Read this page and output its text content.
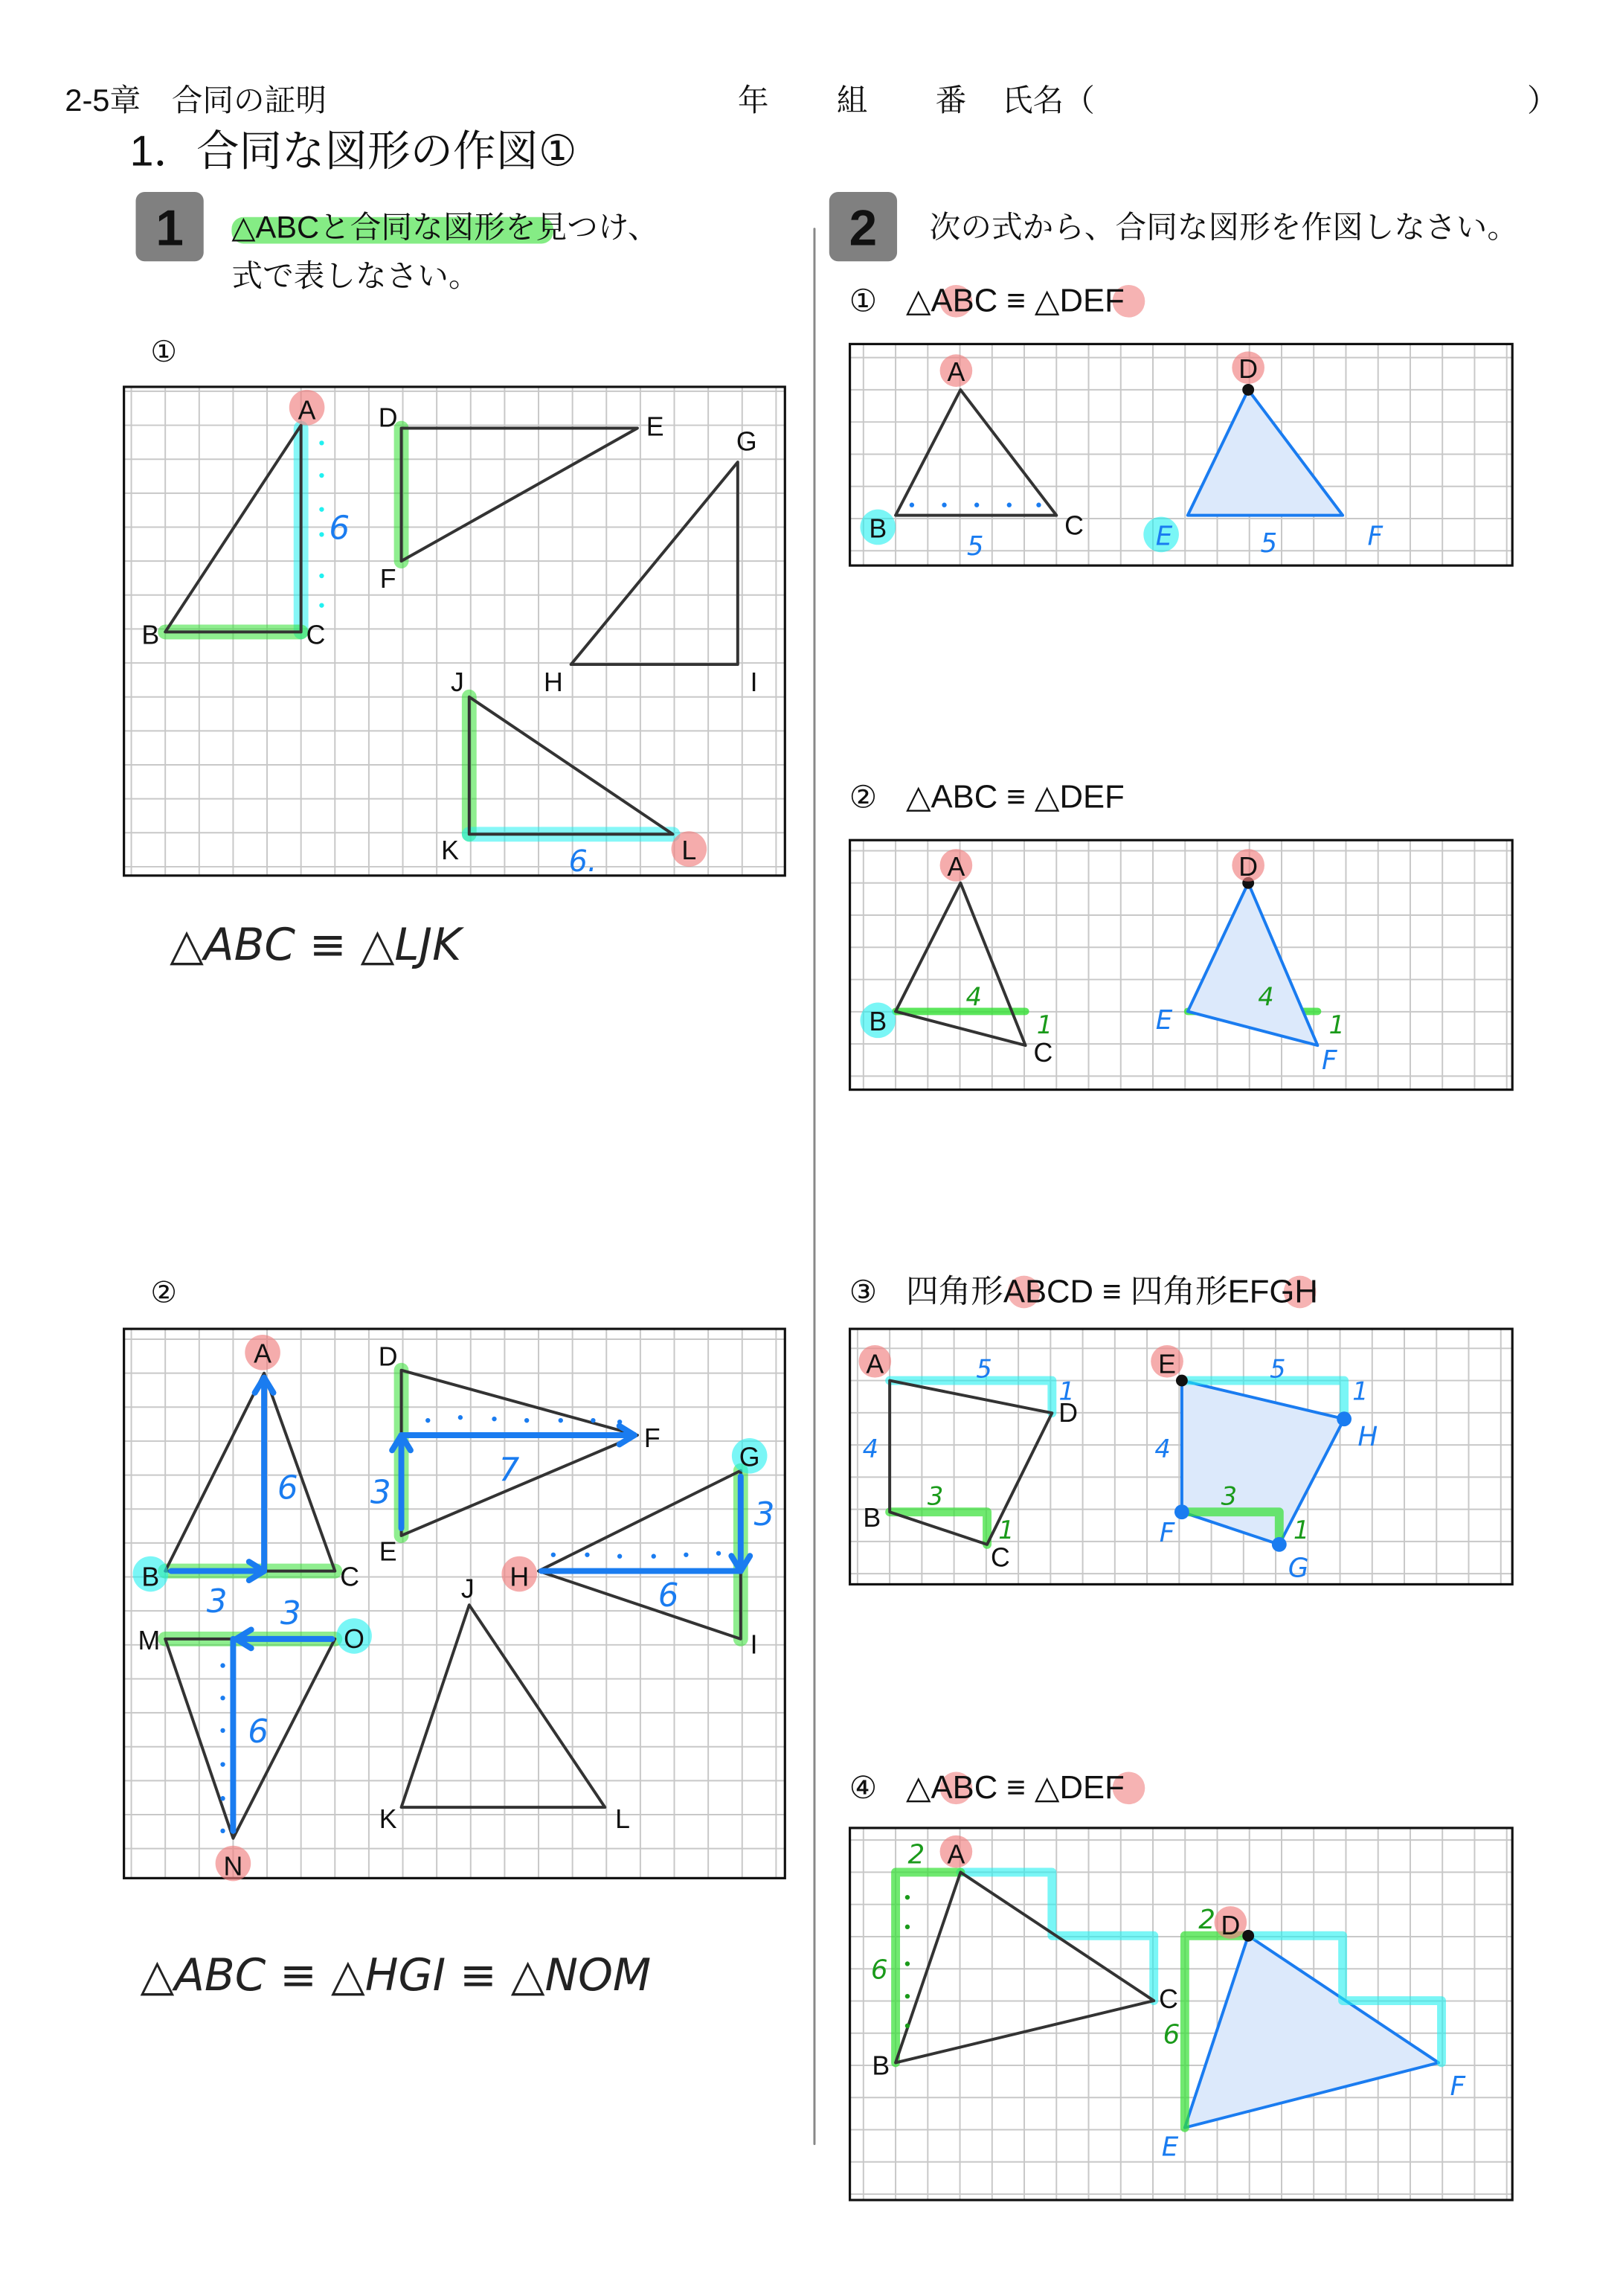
2-5章　合同の証明	年	組	番 氏名（	）
1．合同な図形の作図①
1	△ABCと合同な図形を見つけ、
式で表しなさい。
A
B	C
D	E
F
G
H	I
J
K	L
6
6.
①
△ABC ≡ △LJK
A
B	C
D
E
F
G
H
I
J
K	L
M
N
O
6
3	3
7
3
6
3
6
②
△ABC ≡ △HGI ≡ △NOM
2	次の式から、合同な図形を作図しなさい。
① △ABC ≡ △DEF
A
B	C
D
E	F
5	5
② △ABC ≡ △DEF
A
B
C
D
E
F
4
1
4
1
③ 四角形ABCD ≡ 四角形EFGH
A
B
C
D
E
F
G
H
5
1
4
3
1
5
1
4
3
1
④ △ABC ≡ △DEF
A
B
C
D
E
F
2
6
2
6
